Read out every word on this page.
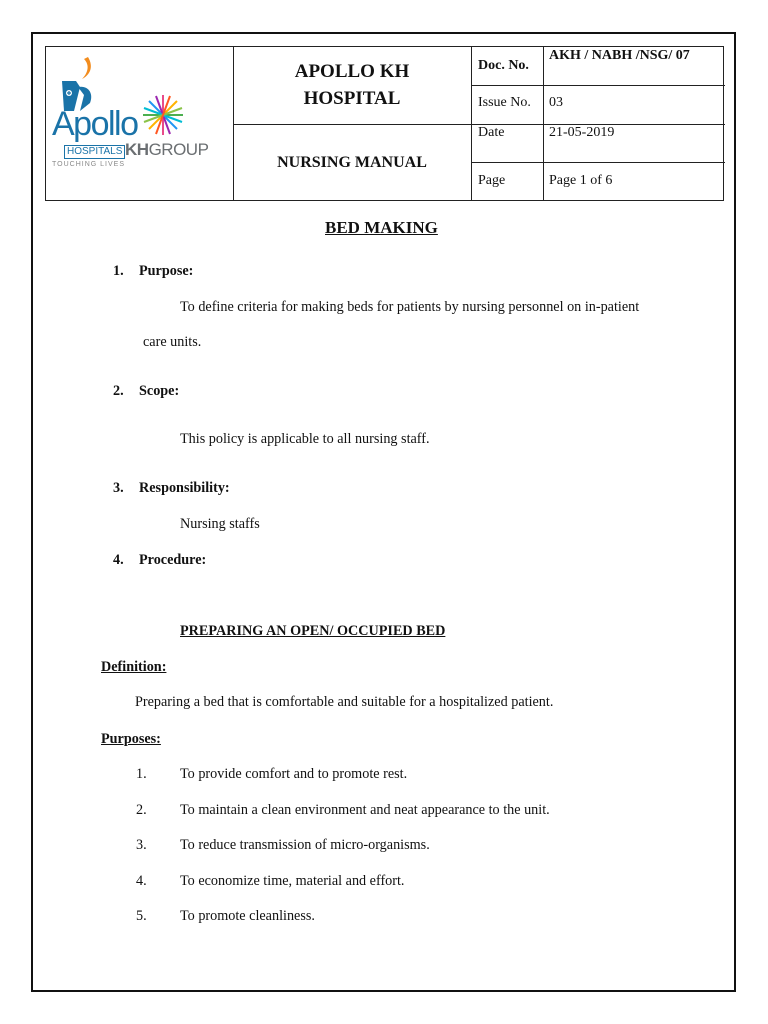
Apollo
HOSPITALS
TOUCHING LIVES
KHGROUP
APOLLO KH
HOSPITAL
NURSING MANUAL
Doc. No.
AKH / NABH /NSG/ 07
Issue No. 03
Date	21-05-2019
Page	Page 1 of 6
BED MAKING
1. Purpose:
To define criteria for making beds for patients by nursing personnel on in-patient
care units.
2. Scope:
This policy is applicable to all nursing staff.
3. Responsibility:
Nursing staffs
4. Procedure:
PREPARING AN OPEN/ OCCUPIED BED
Definition:
Preparing a bed that is comfortable and suitable for a hospitalized patient.
Purposes:
1. To provide comfort and to promote rest.
2. To maintain a clean environment and neat appearance to the unit.
3. To reduce transmission of micro-organisms.
4. To economize time, material and effort.
5. To promote cleanliness.
